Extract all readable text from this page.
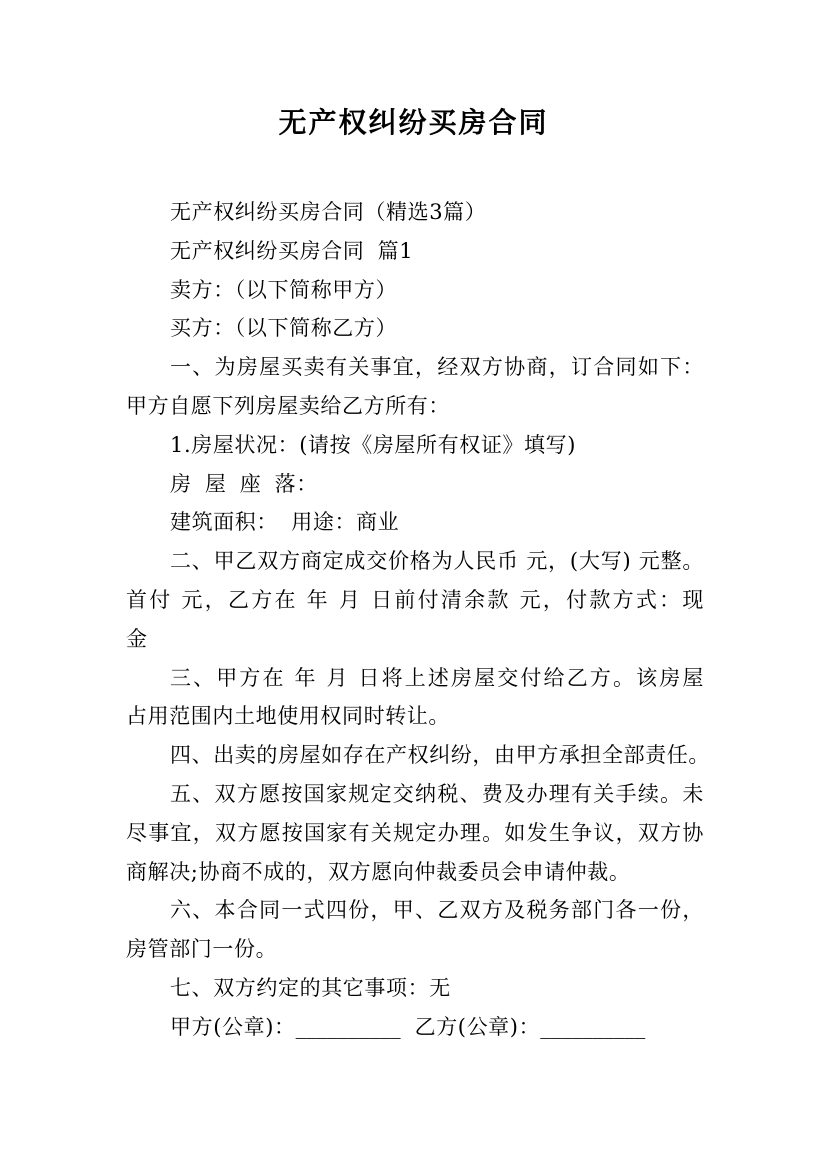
无产权纠纷买房合同
无产权纠纷买房合同（精选3篇）
无产权纠纷买房合同 篇1
卖方：（以下简称甲方）
买方：（以下简称乙方）
一、为房屋买卖有关事宜，经双方协商，订合同如下：
甲方自愿下列房屋卖给乙方所有：
1.房屋状况：(请按《房屋所有权证》填写)
房 屋 座 落：
建筑面积： 用途：商业
二、甲乙双方商定成交价格为人民币 元，(大写) 元整。
首付 元，乙方在 年 月 日前付清余款 元，付款方式：现
金
三、甲方在 年 月 日将上述房屋交付给乙方。该房屋
占用范围内土地使用权同时转让。
四、出卖的房屋如存在产权纠纷，由甲方承担全部责任。
五、双方愿按国家规定交纳税、费及办理有关手续。未
尽事宜，双方愿按国家有关规定办理。如发生争议，双方协
商解决;协商不成的，双方愿向仲裁委员会申请仲裁。
六、本合同一式四份，甲、乙双方及税务部门各一份，
房管部门一份。
七、双方约定的其它事项：无
甲方(公章)：__________ 乙方(公章)：__________
